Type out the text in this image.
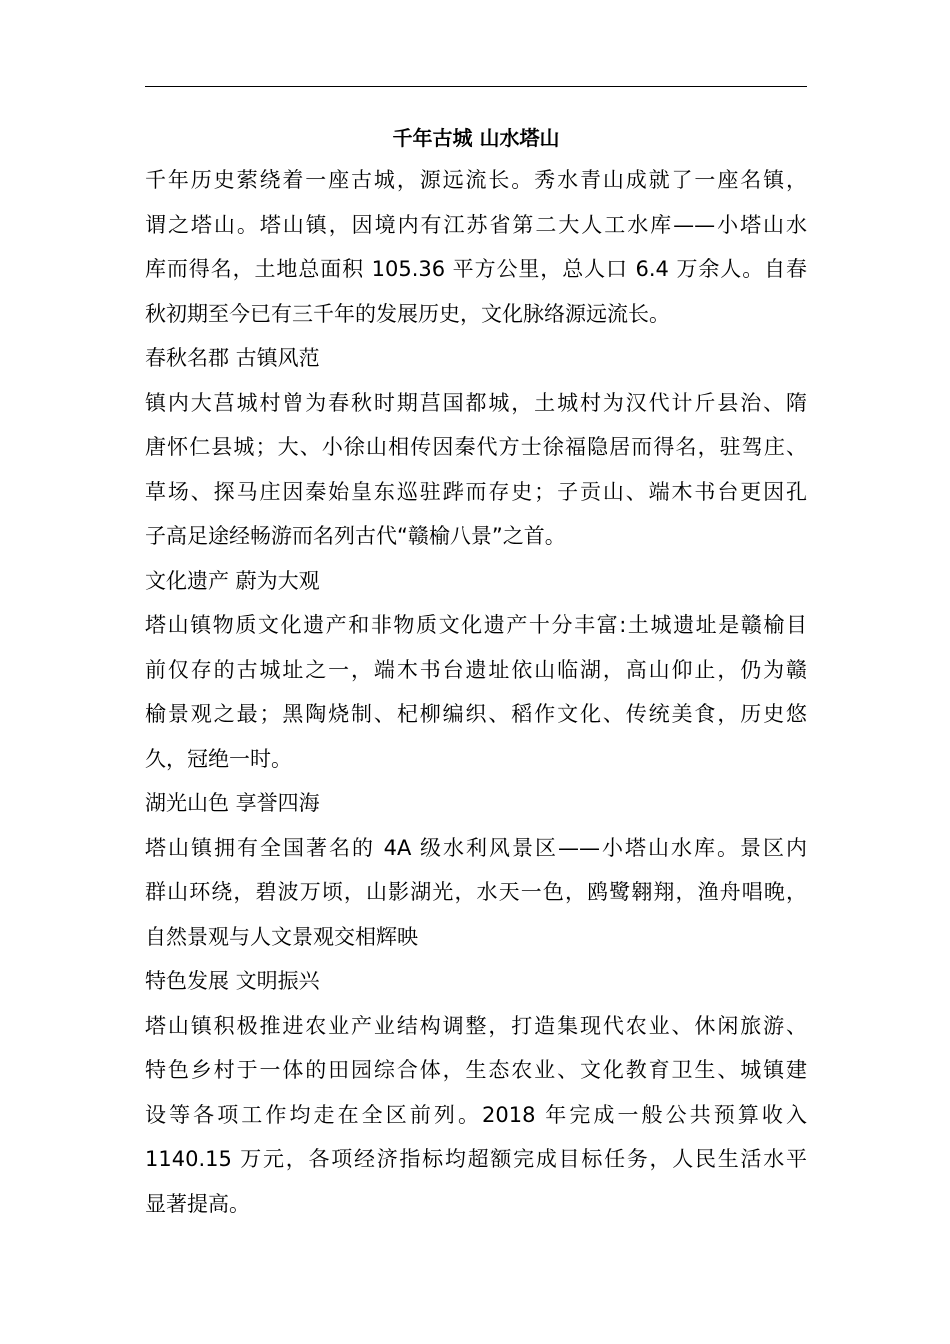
千年古城 山水塔山
千年历史萦绕着一座古城，源远流长。秀水青山成就了一座名镇，
谓之塔山。塔山镇，因境内有江苏省第二大人工水库——小塔山水
库而得名，土地总面积 105.36 平方公里，总人口 6.4 万余人。自春
秋初期至今已有三千年的发展历史，文化脉络源远流长。
春秋名郡 古镇风范
镇内大莒城村曾为春秋时期莒国都城，土城村为汉代计斤县治、隋
唐怀仁县城；大、小徐山相传因秦代方士徐福隐居而得名，驻驾庄、
草场、探马庄因秦始皇东巡驻跸而存史；子贡山、端木书台更因孔
子高足途经畅游而名列古代“赣榆八景”之首。
文化遗产 蔚为大观
塔山镇物质文化遗产和非物质文化遗产十分丰富:土城遗址是赣榆目
前仅存的古城址之一，端木书台遗址依山临湖，高山仰止，仍为赣
榆景观之最；黑陶烧制、杞柳编织、稻作文化、传统美食，历史悠
久，冠绝一时。
湖光山色 享誉四海
塔山镇拥有全国著名的 4A 级水利风景区——小塔山水库。景区内
群山环绕，碧波万顷，山影湖光，水天一色，鸥鹭翱翔，渔舟唱晚，
自然景观与人文景观交相辉映
特色发展 文明振兴
塔山镇积极推进农业产业结构调整，打造集现代农业、休闲旅游、
特色乡村于一体的田园综合体，生态农业、文化教育卫生、城镇建
设等各项工作均走在全区前列。2018 年完成一般公共预算收入
1140.15 万元，各项经济指标均超额完成目标任务，人民生活水平
显著提高。
